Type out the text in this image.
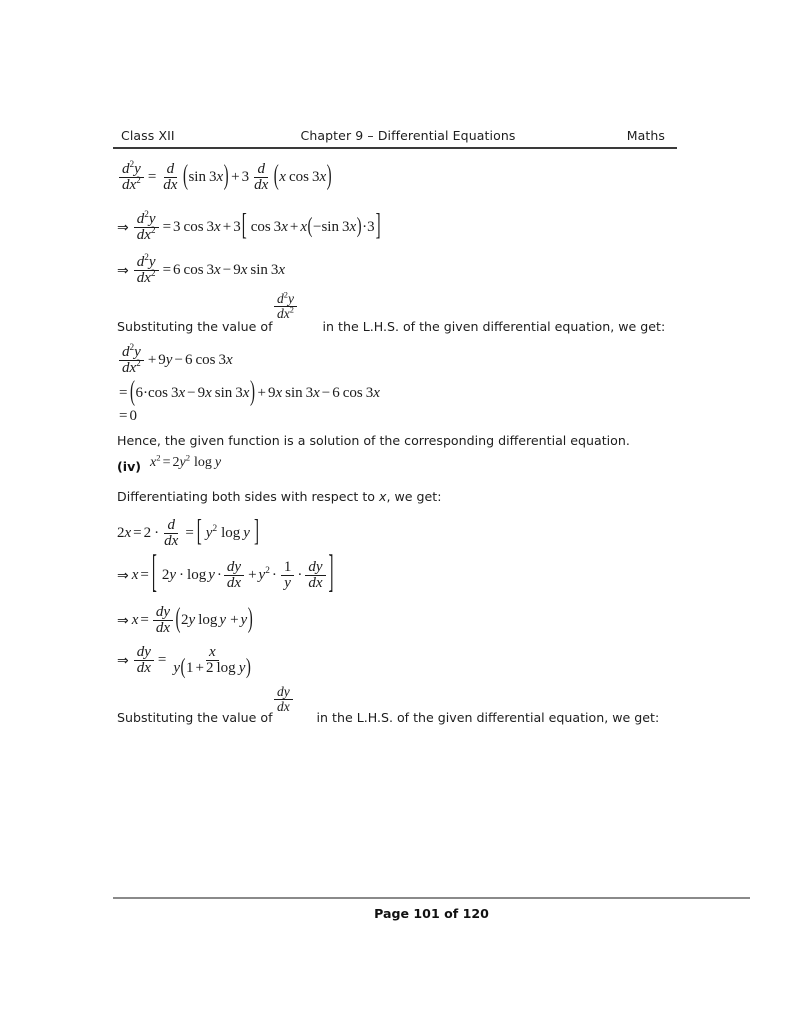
Class XII	Chapter 9 – Differential Equations	Maths
$\frac{d^2y}{dx^2} = \frac{d}{dx}$ ( sin 3 x ) + $3 \frac{d}{dx}$ ( x  cos 3 x )
⇒ $\frac{d^2y}{dx^2} = 3$ cos 3 x + 3 [ cos 3 x + x ( − sin 3 x ) ·3 ]
⇒ $\frac{d^2y}{dx^2} = 6$ cos 3 x − 9 x  sin 3 x
Substituting the value of	in the L.H.S. of the given differential equation, we get:
$\frac{d^2y}{dx^2}$
$\frac{d^2y}{dx^2} + 9$ y − 6 cos 3 x
= ( 6·cos 3 x − 9 x  sin 3 x ) + 9 x  sin 3 x − 6 cos 3 x
= 0
Hence, the given function is a solution of the corresponding differential equation.
(iv) $x^2 = 2$ $y^2$ log y
Differentiating both sides with respect to x, we get:
2 $x = 2 \cdot \frac{d}{dx}$ = [ $y^2$ log y ]
⇒ x = [ 2 $y \cdot \log y \cdot \frac{dy}{dx} + y^2 \cdot \frac{1}{y} \cdot \frac{dy}{dx}$ ]
⇒ $x = \frac{dy}{dx}$ ( 2 y log y + y )
⇒ $\frac{dy}{dx} = \frac{x}{\text{y(1 + 2 log y)}}$
Substituting the value of	in the L.H.S. of the given differential equation, we get:
$\frac{dy}{dx}$
Page 101 of 120
